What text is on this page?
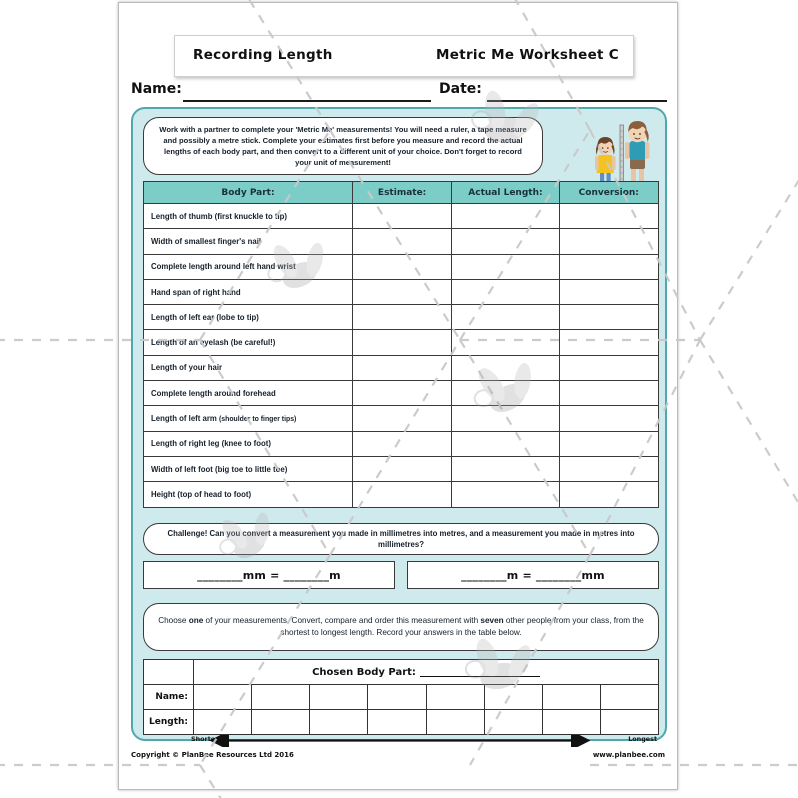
Recording Length	Metric Me Worksheet C
Name:	Date:

Work with a partner to complete your 'Metric Me' measurements! You will need a ruler, a tape measure and possibly a metre stick. Complete your estimates first before you measure and record the actual lengths of each body part, and then convert to a different unit of your choice. Don't forget to record your unit of measurement!

Body Part:	Estimate:	Actual Length:	Conversion:
Length of thumb (first knuckle to tip)			
Width of smallest finger's nail			
Complete length around left hand wrist			
Hand span of right hand			
Length of left ear (lobe to tip)			
Length of an eyelash (be careful!)			
Length of your hair			
Complete length around forehead			
Length of left arm (shoulder to finger tips)			
Length of right leg (knee to foot)			
Width of left foot (big toe to little toe)			
Height (top of head to foot)			

Challenge! Can you convert a measurement you made in millimetres into metres, and a measurement you made in metres into millimetres?

________mm = ________m	________m = ________mm

Choose one of your measurements. Convert, compare and order this measurement with seven other people from your class, from the shortest to longest length. Record your answers in the table below.

	Chosen Body Part:							
Name:								
Length:								
Shortest	Longest
Copyright © PlanBee Resources Ltd 2016	www.planbee.com
